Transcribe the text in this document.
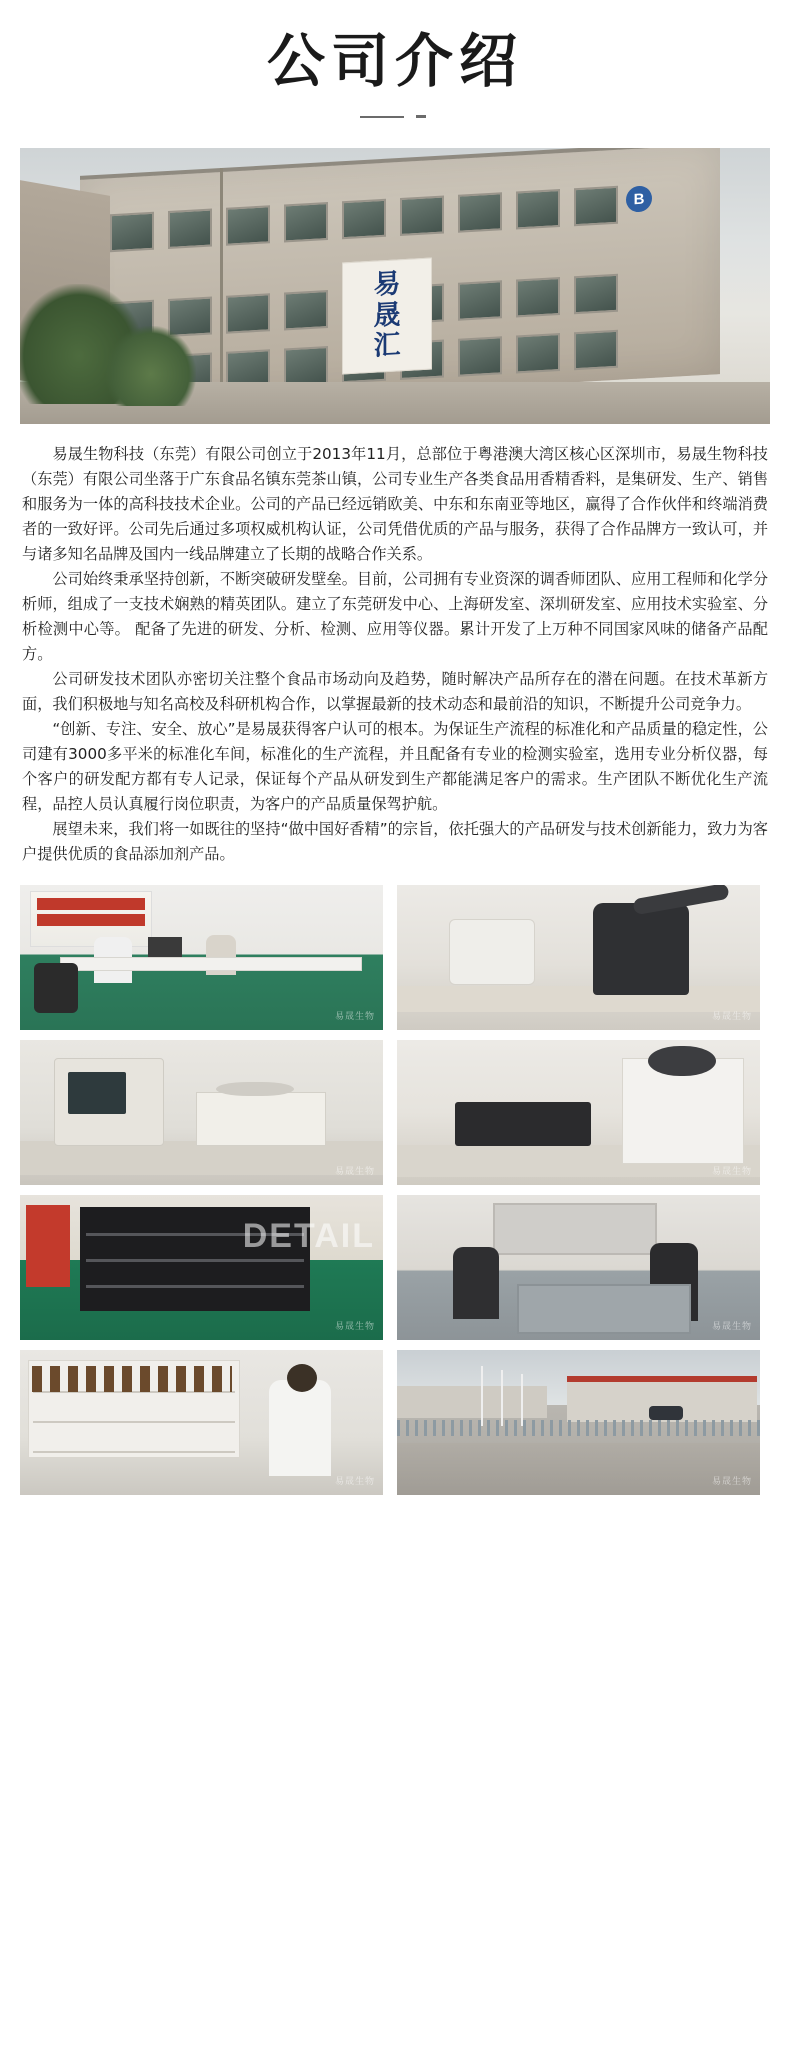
公司介绍
易
晟
汇
B

易晟生物科技（东莞）有限公司创立于2013年11月，总部位于粤港澳大湾区核心区深圳市，易晟生物科技（东莞）有限公司坐落于广东食品名镇东莞茶山镇，公司专业生产各类食品用香精香料，是集研发、生产、销售和服务为一体的高科技技术企业。公司的产品已经远销欧美、中东和东南亚等地区，赢得了合作伙伴和终端消费者的一致好评。公司先后通过多项权威机构认证，公司凭借优质的产品与服务，获得了合作品牌方一致认可，并与诸多知名品牌及国内一线品牌建立了长期的战略合作关系。

公司始终秉承坚持创新，不断突破研发壁垒。目前，公司拥有专业资深的调香师团队、应用工程师和化学分析师，组成了一支技术娴熟的精英团队。建立了东莞研发中心、上海研发室、深圳研发室、应用技术实验室、分析检测中心等。 配备了先进的研发、分析、检测、应用等仪器。累计开发了上万种不同国家风味的储备产品配方。

公司研发技术团队亦密切关注整个食品市场动向及趋势，随时解决产品所存在的潜在问题。在技术革新方面，我们积极地与知名高校及科研机构合作，以掌握最新的技术动态和最前沿的知识，不断提升公司竞争力。

“创新、专注、安全、放心”是易晟获得客户认可的根本。为保证生产流程的标准化和产品质量的稳定性，公司建有3000多平米的标准化车间，标准化的生产流程，并且配备有专业的检测实验室，选用专业分析仪器，每个客户的研发配方都有专人记录，保证每个产品从研发到生产都能满足客户的需求。生产团队不断优化生产流程，品控人员认真履行岗位职责，为客户的产品质量保驾护航。

展望未来，我们将一如既往的坚持“做中国好香精”的宗旨，依托强大的产品研发与技术创新能力，致力为客户提供优质的食品添加剂产品。

易晟生物	易晟生物
易晟生物	易晟生物
DETAIL
易晟生物	易晟生物
易晟生物	易晟生物
